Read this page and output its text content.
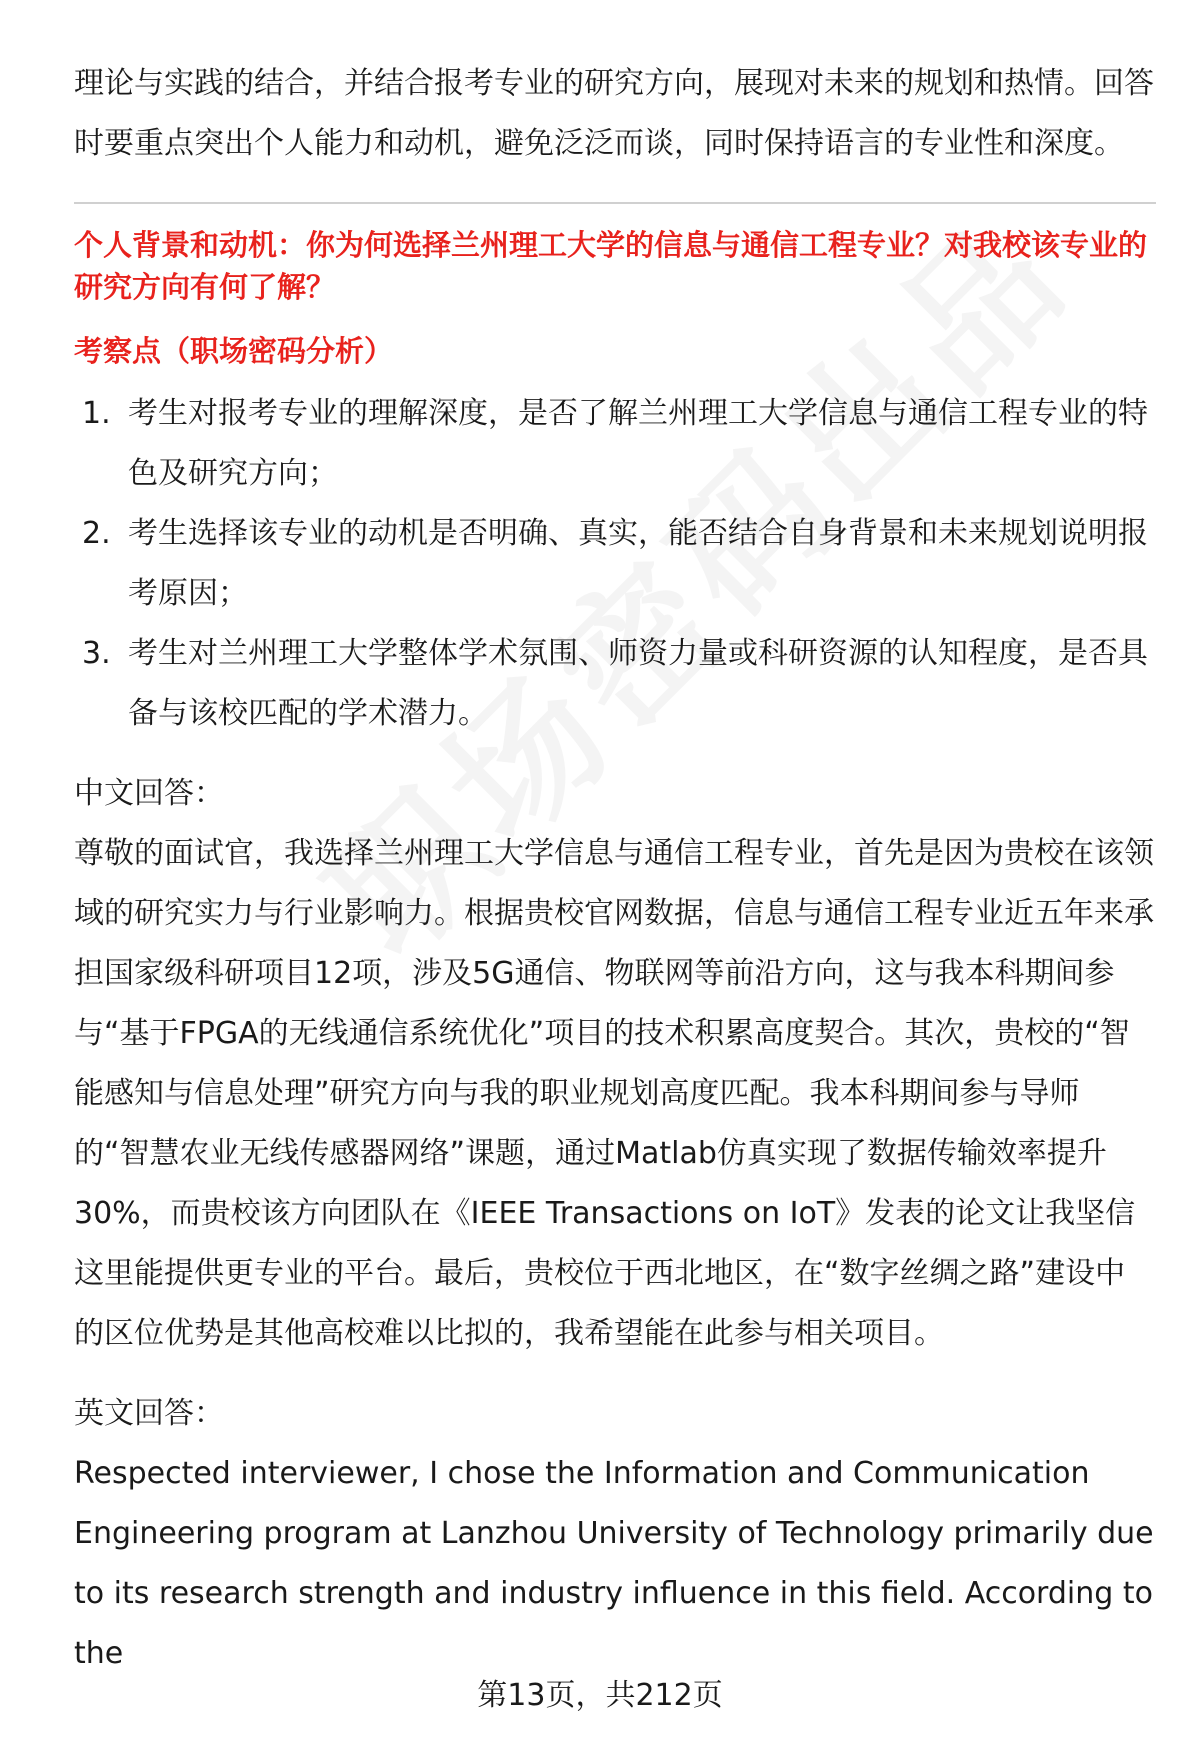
理论与实践的结合，并结合报考专业的研究方向，展现对未来的规划和热情。回答时要重点突出个人能力和动机，避免泛泛而谈，同时保持语言的专业性和深度。

个人背景和动机：你为何选择兰州理工大学的信息与通信工程专业？对我校该专业的研究方向有何了解？

考察点（职场密码分析）

1. 考生对报考专业的理解深度，是否了解兰州理工大学信息与通信工程专业的特色及研究方向；
2. 考生选择该专业的动机是否明确、真实，能否结合自身背景和未来规划说明报考原因；
3. 考生对兰州理工大学整体学术氛围、师资力量或科研资源的认知程度，是否具备与该校匹配的学术潜力。

中文回答：

尊敬的面试官，我选择兰州理工大学信息与通信工程专业，首先是因为贵校在该领域的研究实力与行业影响力。根据贵校官网数据，信息与通信工程专业近五年来承担国家级科研项目12项，涉及5G通信、物联网等前沿方向，这与我本科期间参与“基于FPGA的无线通信系统优化”项目的技术积累高度契合。其次，贵校的“智能感知与信息处理”研究方向与我的职业规划高度匹配。我本科期间参与导师的“智慧农业无线传感器网络”课题，通过Matlab仿真实现了数据传输效率提升30%，而贵校该方向团队在《IEEE Transactions on IoT》发表的论文让我坚信这里能提供更专业的平台。最后，贵校位于西北地区，在“数字丝绸之路”建设中的区位优势是其他高校难以比拟的，我希望能在此参与相关项目。

英文回答：

Respected interviewer, I chose the Information and Communication Engineering program at Lanzhou University of Technology primarily due to its research strength and industry influence in this field. According to the

第13页，共212页
